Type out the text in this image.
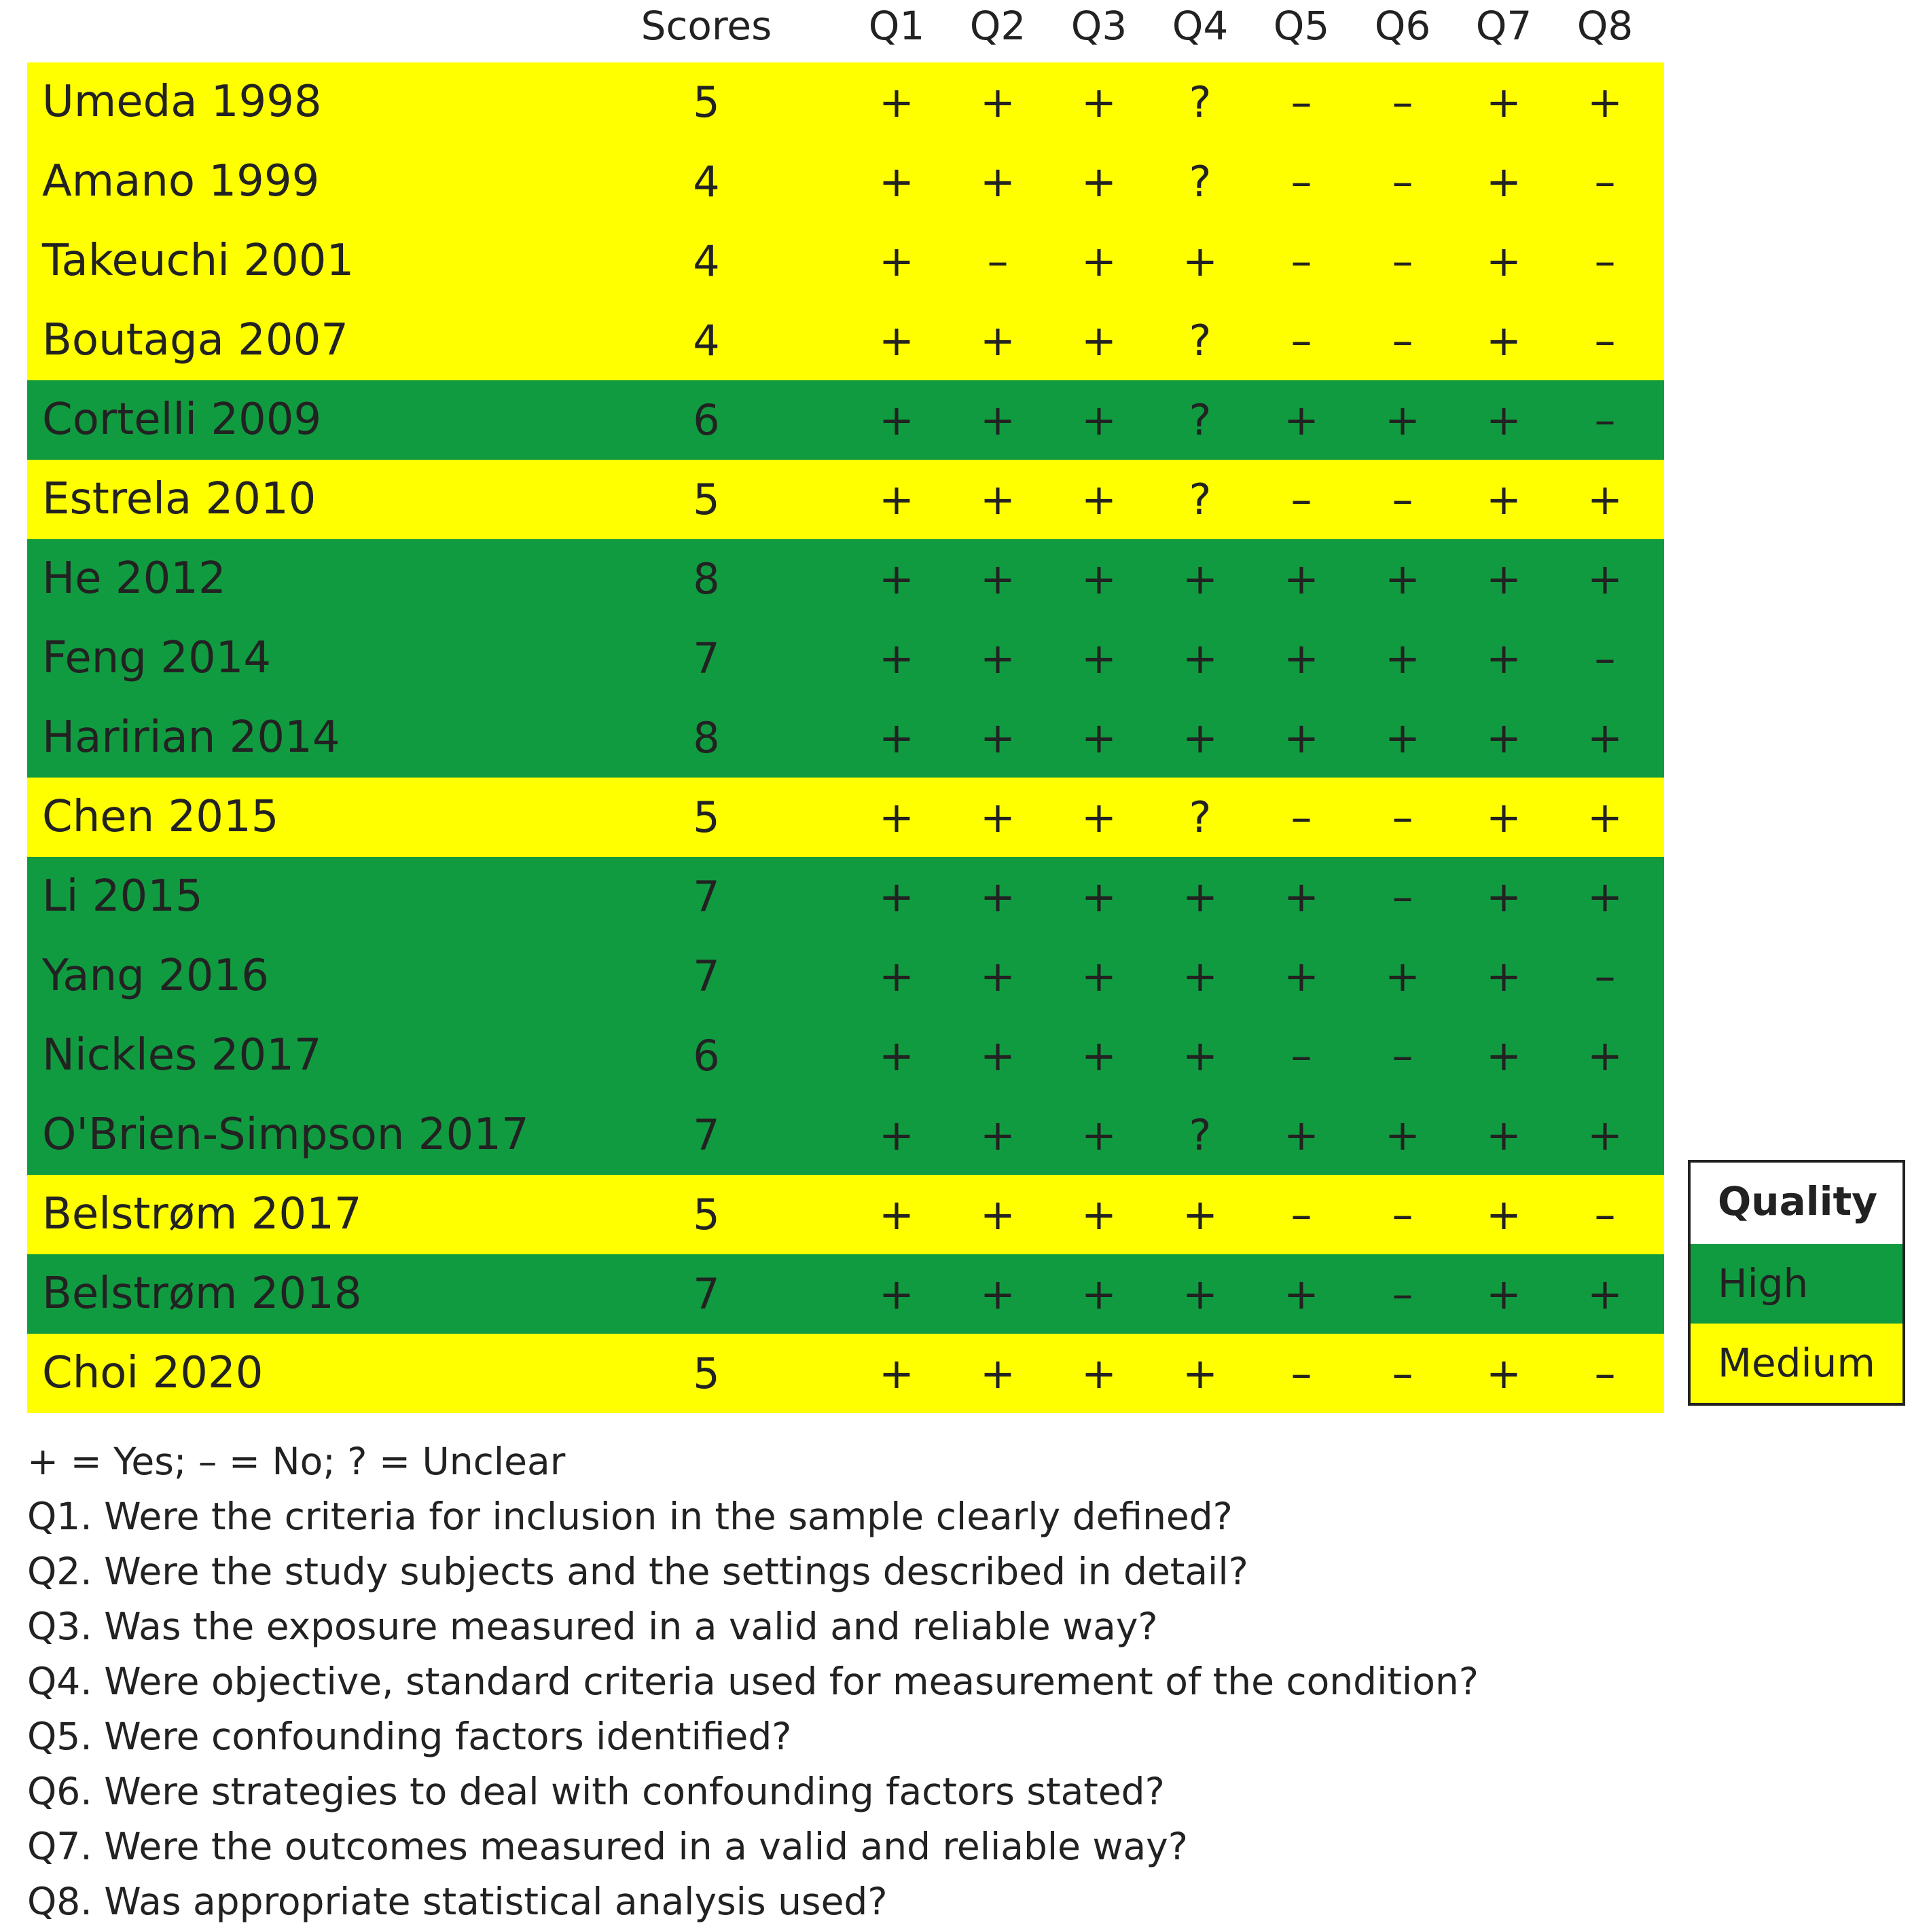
Scores	Q1	Q2	Q3	Q4	Q5	Q6	Q7	Q8
Umeda 1998	5	+	+	+	?	–	–	+	+
Amano 1999	4	+	+	+	?	–	–	+	–
Takeuchi 2001	4	+	–	+	+	–	–	+	–
Boutaga 2007	4	+	+	+	?	–	–	+	–
Cortelli 2009	6	+	+	+	?	+	+	+	–
Estrela 2010	5	+	+	+	?	–	–	+	+
He 2012	8	+	+	+	+	+	+	+	+
Feng 2014	7	+	+	+	+	+	+	+	–
Haririan 2014	8	+	+	+	+	+	+	+	+
Chen 2015	5	+	+	+	?	–	–	+	+
Li 2015	7	+	+	+	+	+	–	+	+
Yang 2016	7	+	+	+	+	+	+	+	–
Nickles 2017	6	+	+	+	+	–	–	+	+
O'Brien-Simpson 2017	7	+	+	+	?	+	+	+	+
Belstrøm 2017	5	+	+	+	+	–	–	+	–
Belstrøm 2018	7	+	+	+	+	+	–	+	+
Choi 2020	5	+	+	+	+	–	–	+	–
Quality
High
Medium
+ = Yes; – = No; ? = Unclear
Q1. Were the criteria for inclusion in the sample clearly defined?
Q2. Were the study subjects and the settings described in detail?
Q3. Was the exposure measured in a valid and reliable way?
Q4. Were objective, standard criteria used for measurement of the condition?
Q5. Were confounding factors identified?
Q6. Were strategies to deal with confounding factors stated?
Q7. Were the outcomes measured in a valid and reliable way?
Q8. Was appropriate statistical analysis used?
